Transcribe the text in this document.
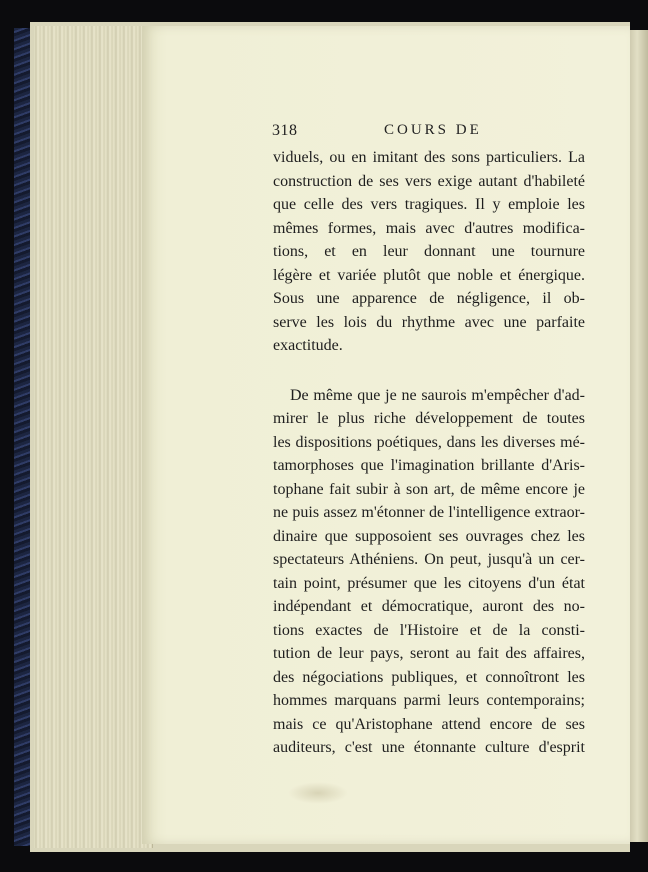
318	COURS DE
viduels, ou en imitant des sons particuliers. La
construction de ses vers exige autant d'habileté
que celle des vers tragiques. Il y emploie les
mêmes formes, mais avec d'autres modifica-
tions, et en leur donnant une tournure
légère et variée plutôt que noble et énergique.
Sous une apparence de négligence, il ob-
serve les lois du rhythme avec une parfaite
exactitude.
De même que je ne saurois m'empêcher d'ad-
mirer le plus riche développement de toutes
les dispositions poétiques, dans les diverses mé-
tamorphoses que l'imagination brillante d'Aris-
tophane fait subir à son art, de même encore je
ne puis assez m'étonner de l'intelligence extraor-
dinaire que supposoient ses ouvrages chez les
spectateurs Athéniens. On peut, jusqu'à un cer-
tain point, présumer que les citoyens d'un état
indépendant et démocratique, auront des no-
tions exactes de l'Histoire et de la consti-
tution de leur pays, seront au fait des affaires,
des négociations publiques, et connoîtront les
hommes marquans parmi leurs contemporains;
mais ce qu'Aristophane attend encore de ses
auditeurs, c'est une étonnante culture d'esprit
